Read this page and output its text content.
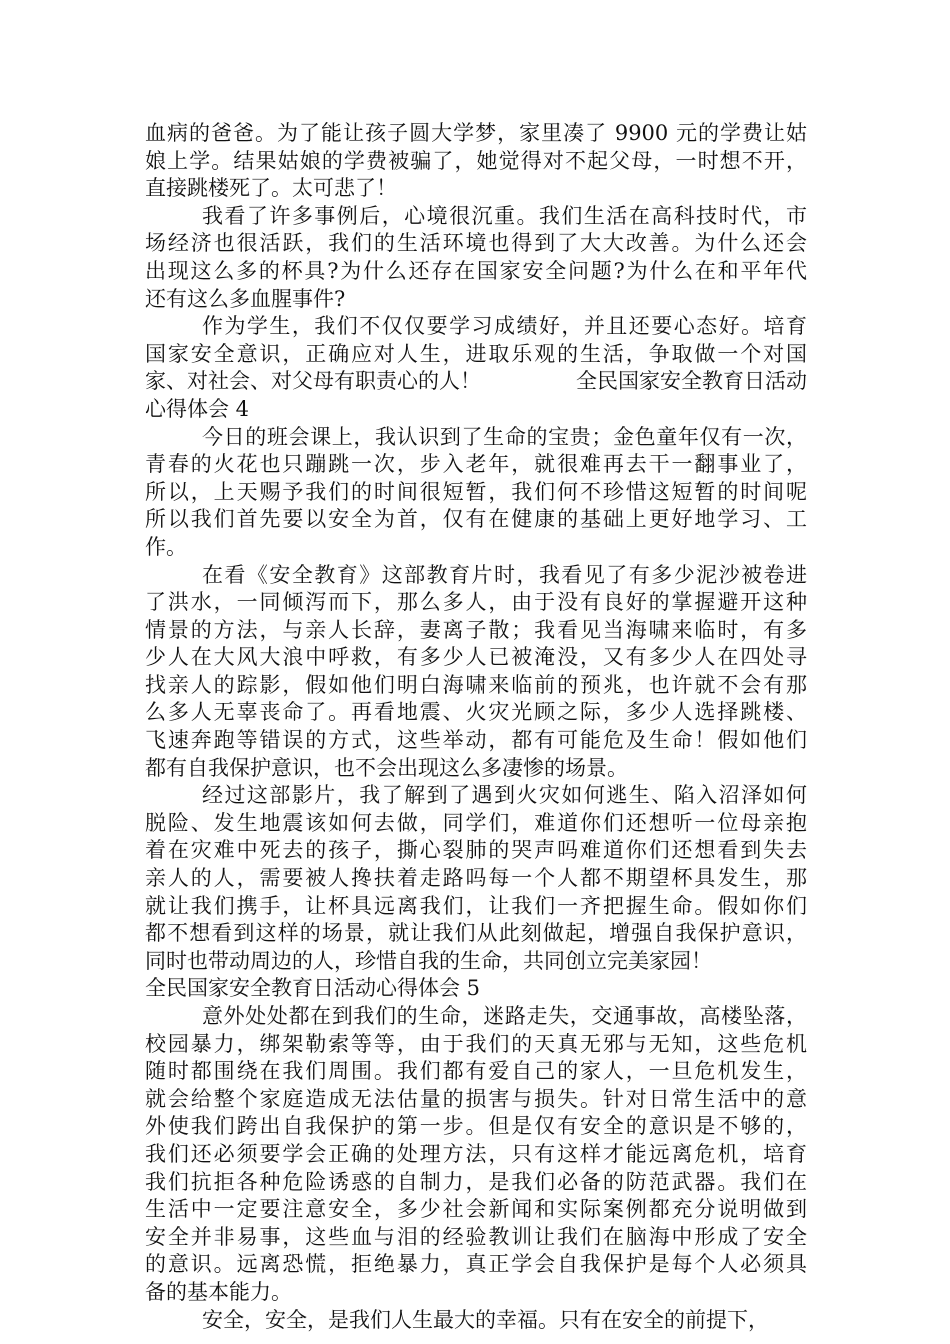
血病的爸爸。为了能让孩子圆大学梦，家里凑了 9900 元的学费让姑
娘上学。结果姑娘的学费被骗了，她觉得对不起父母，一时想不开，
直接跳楼死了。太可悲了！
我看了许多事例后，心境很沉重。我们生活在高科技时代，市
场经济也很活跃，我们的生活环境也得到了大大改善。为什么还会
出现这么多的杯具?为什么还存在国家安全问题?为什么在和平年代
还有这么多血腥事件?
作为学生，我们不仅仅要学习成绩好，并且还要心态好。培育
国家安全意识，正确应对人生，进取乐观的生活，争取做一个对国
家、对社会、对父母有职责心的人！	全民国家安全教育日活动
心得体会 4
今日的班会课上，我认识到了生命的宝贵；金色童年仅有一次，
青春的火花也只蹦跳一次，步入老年，就很难再去干一翻事业了，
所以，上天赐予我们的时间很短暂，我们何不珍惜这短暂的时间呢
所以我们首先要以安全为首，仅有在健康的基础上更好地学习、工
作。
在看《安全教育》这部教育片时，我看见了有多少泥沙被卷进
了洪水，一同倾泻而下，那么多人，由于没有良好的掌握避开这种
情景的方法，与亲人长辞，妻离子散；我看见当海啸来临时，有多
少人在大风大浪中呼救，有多少人已被淹没，又有多少人在四处寻
找亲人的踪影，假如他们明白海啸来临前的预兆，也许就不会有那
么多人无辜丧命了。再看地震、火灾光顾之际，多少人选择跳楼、
飞速奔跑等错误的方式，这些举动，都有可能危及生命！假如他们
都有自我保护意识，也不会出现这么多凄惨的场景。
经过这部影片，我了解到了遇到火灾如何逃生、陷入沼泽如何
脱险、发生地震该如何去做，同学们，难道你们还想听一位母亲抱
着在灾难中死去的孩子，撕心裂肺的哭声吗难道你们还想看到失去
亲人的人，需要被人搀扶着走路吗每一个人都不期望杯具发生，那
就让我们携手，让杯具远离我们，让我们一齐把握生命。假如你们
都不想看到这样的场景，就让我们从此刻做起，增强自我保护意识，
同时也带动周边的人，珍惜自我的生命，共同创立完美家园！
全民国家安全教育日活动心得体会 5
意外处处都在到我们的生命，迷路走失，交通事故，高楼坠落，
校园暴力，绑架勒索等等，由于我们的天真无邪与无知，这些危机
随时都围绕在我们周围。我们都有爱自己的家人，一旦危机发生，
就会给整个家庭造成无法估量的损害与损失。针对日常生活中的意
外使我们跨出自我保护的第一步。但是仅有安全的意识是不够的，
我们还必须要学会正确的处理方法，只有这样才能远离危机，培育
我们抗拒各种危险诱惑的自制力，是我们必备的防范武器。我们在
生活中一定要注意安全，多少社会新闻和实际案例都充分说明做到
安全并非易事，这些血与泪的经验教训让我们在脑海中形成了安全
的意识。远离恐慌，拒绝暴力，真正学会自我保护是每个人必须具
备的基本能力。
安全，安全，是我们人生最大的幸福。只有在安全的前提下，
